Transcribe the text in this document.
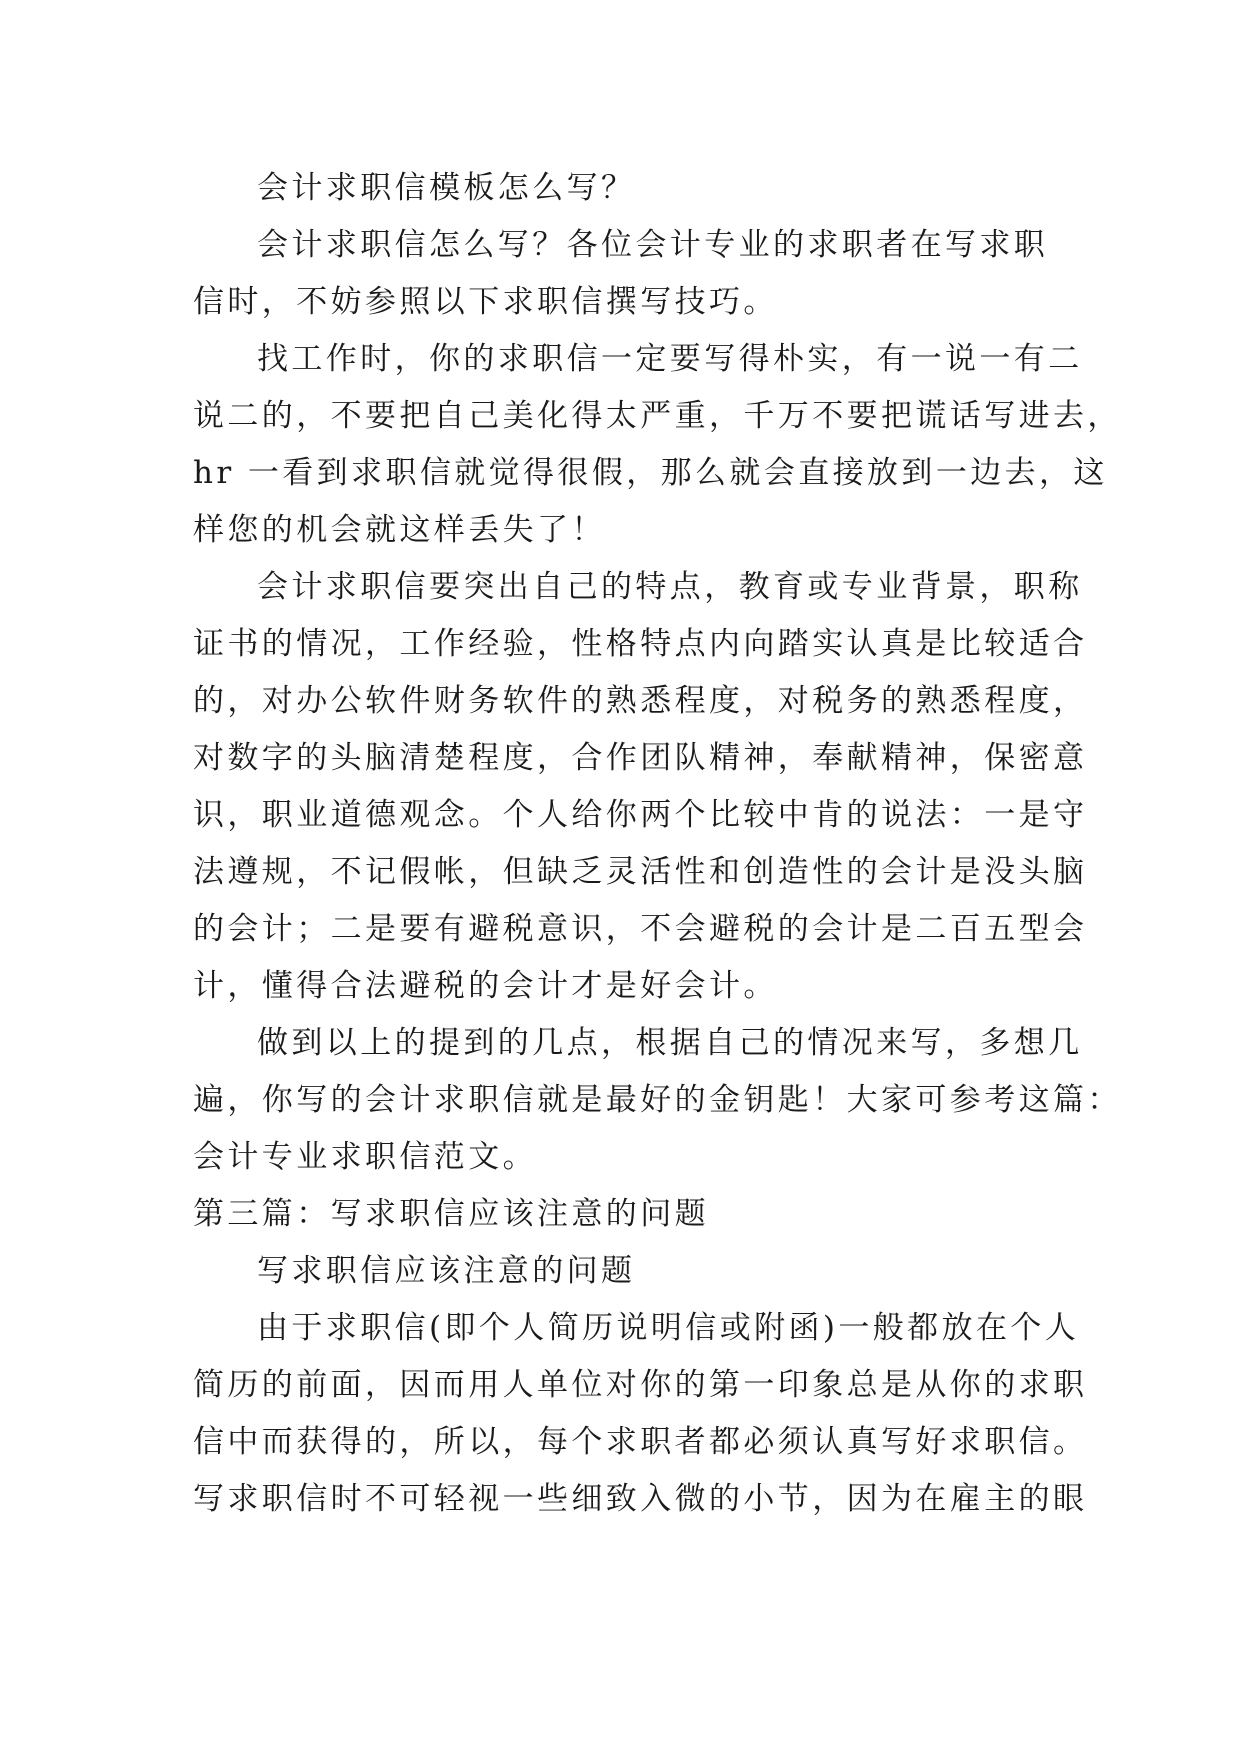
会计求职信模板怎么写？
会计求职信怎么写？各位会计专业的求职者在写求职
信时，不妨参照以下求职信撰写技巧。
找工作时，你的求职信一定要写得朴实，有一说一有二
说二的，不要把自己美化得太严重，千万不要把谎话写进去，
hr 一看到求职信就觉得很假，那么就会直接放到一边去，这
样您的机会就这样丢失了！
会计求职信要突出自己的特点，教育或专业背景，职称
证书的情况，工作经验，性格特点内向踏实认真是比较适合
的，对办公软件财务软件的熟悉程度，对税务的熟悉程度，
对数字的头脑清楚程度，合作团队精神，奉献精神，保密意
识，职业道德观念。个人给你两个比较中肯的说法：一是守
法遵规，不记假帐，但缺乏灵活性和创造性的会计是没头脑
的会计；二是要有避税意识，不会避税的会计是二百五型会
计，懂得合法避税的会计才是好会计。
做到以上的提到的几点，根据自己的情况来写，多想几
遍，你写的会计求职信就是最好的金钥匙！大家可参考这篇：
会计专业求职信范文。
第三篇：写求职信应该注意的问题
写求职信应该注意的问题
由于求职信(即个人简历说明信或附函)一般都放在个人
简历的前面，因而用人单位对你的第一印象总是从你的求职
信中而获得的，所以，每个求职者都必须认真写好求职信。
写求职信时不可轻视一些细致入微的小节，因为在雇主的眼
